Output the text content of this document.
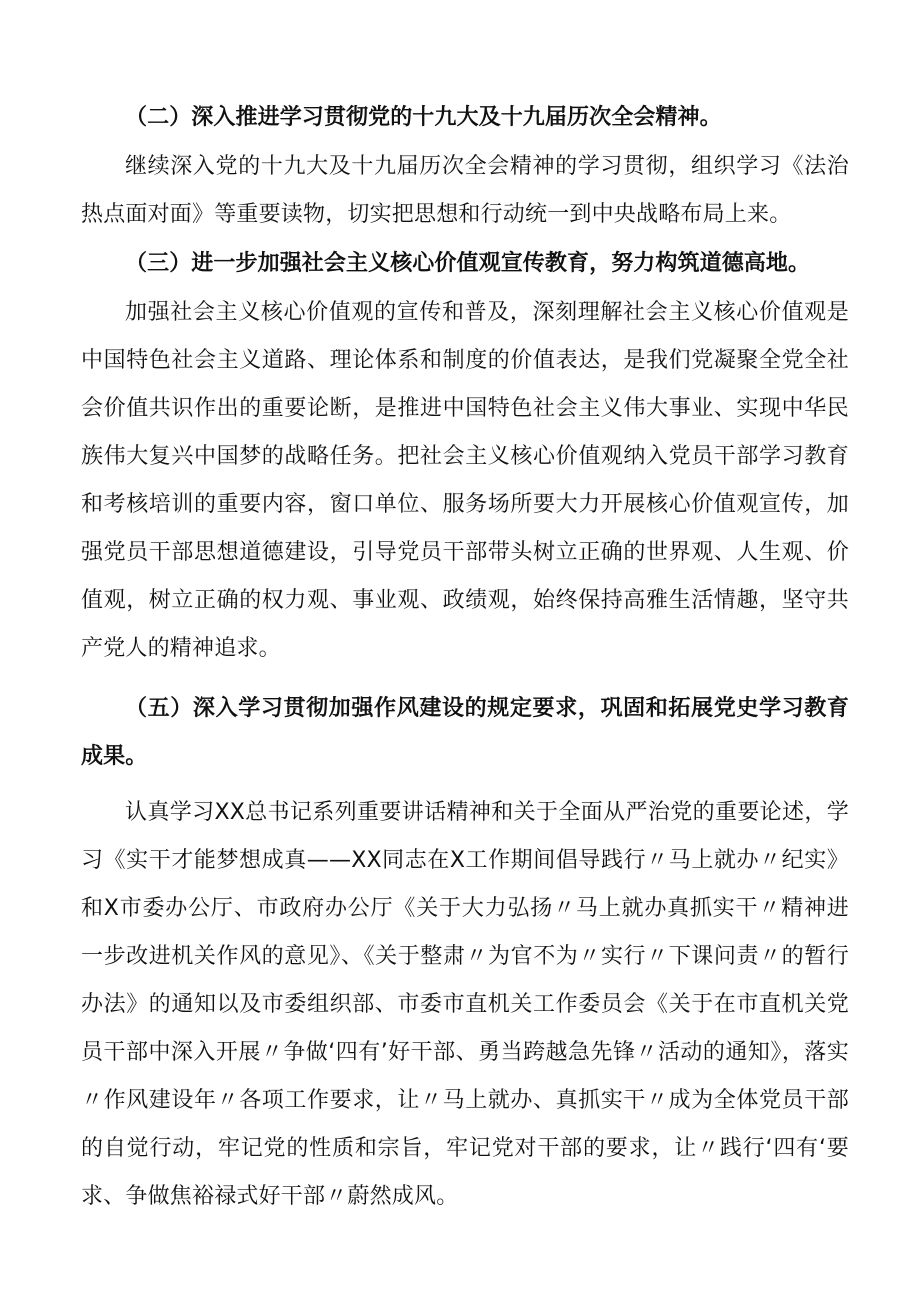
（二）深入推进学习贯彻党的十九大及十九届历次全会精神。

继续深入党的十九大及十九届历次全会精神的学习贯彻，组织学习《法治热点面对面》等重要读物，切实把思想和行动统一到中央战略布局上来。

（三）进一步加强社会主义核心价值观宣传教育，努力构筑道德高地。

加强社会主义核心价值观的宣传和普及，深刻理解社会主义核心价值观是中国特色社会主义道路、理论体系和制度的价值表达，是我们党凝聚全党全社会价值共识作出的重要论断，是推进中国特色社会主义伟大事业、实现中华民族伟大复兴中国梦的战略任务。把社会主义核心价值观纳入党员干部学习教育和考核培训的重要内容，窗口单位、服务场所要大力开展核心价值观宣传，加强党员干部思想道德建设，引导党员干部带头树立正确的世界观、人生观、价值观，树立正确的权力观、事业观、政绩观，始终保持高雅生活情趣，坚守共产党人的精神追求。

（五）深入学习贯彻加强作风建设的规定要求，巩固和拓展党史学习教育成果。

认真学习XX总书记系列重要讲话精神和关于全面从严治党的重要论述，学习《实干才能梦想成真——XX同志在X工作期间倡导践行〃马上就办〃纪实》和X市委办公厅、市政府办公厅《关于大力弘扬〃马上就办真抓实干〃精神进一步改进机关作风的意见》、《关于整肃〃为官不为〃实行〃下课问责〃的暂行办法》的通知以及市委组织部、市委市直机关工作委员会《关于在市直机关党员干部中深入开展〃争做‘四有’好干部、勇当跨越急先锋〃活动的通知》，落实〃作风建设年〃各项工作要求，让〃马上就办、真抓实干〃成为全体党员干部的自觉行动，牢记党的性质和宗旨，牢记党对干部的要求，让〃践行‘四有‘要求、争做焦裕禄式好干部〃蔚然成风。
